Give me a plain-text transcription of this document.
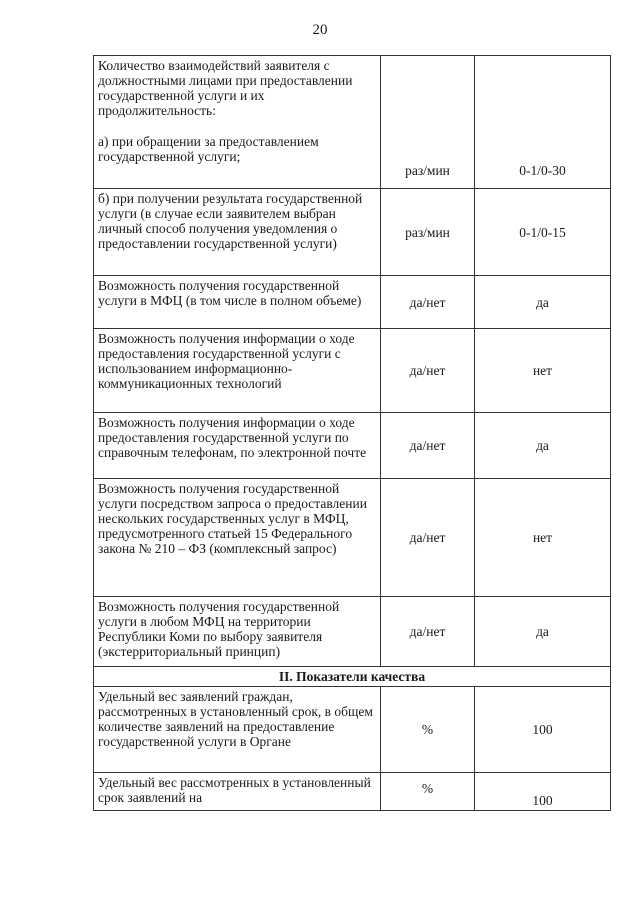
20
Количество взаимодействий заявителя с должностными лицами при предоставлении государственной услуги и их продолжительность:
а) при обращении за предоставлением государственной услуги;	раз/мин	0-1/0-30
б) при получении результата государственной услуги (в случае если заявителем выбран личный способ получения уведомления о предоставлении государственной услуги)	раз/мин	0-1/0-15
Возможность получения государственной услуги в МФЦ (в том числе в полном объеме)	да/нет	да
Возможность получения информации о ходе предоставления государственной услуги с использованием информационно-коммуникационных технологий	да/нет	нет
Возможность получения информации о ходе предоставления государственной услуги по справочным телефонам, по электронной почте	да/нет	да
Возможность получения государственной услуги посредством запроса о предоставлении нескольких государственных услуг в МФЦ, предусмотренного статьей 15 Федерального закона № 210 – ФЗ (комплексный запрос)	да/нет	нет
Возможность получения государственной услуги в любом МФЦ на территории Республики Коми по выбору заявителя (экстерриториальный принцип)	да/нет	да
II. Показатели качества		
Удельный вес заявлений граждан, рассмотренных в установленный срок, в общем количестве заявлений на предоставление государственной услуги в Органе	%	100
Удельный вес рассмотренных в установленный срок заявлений на	%	100
